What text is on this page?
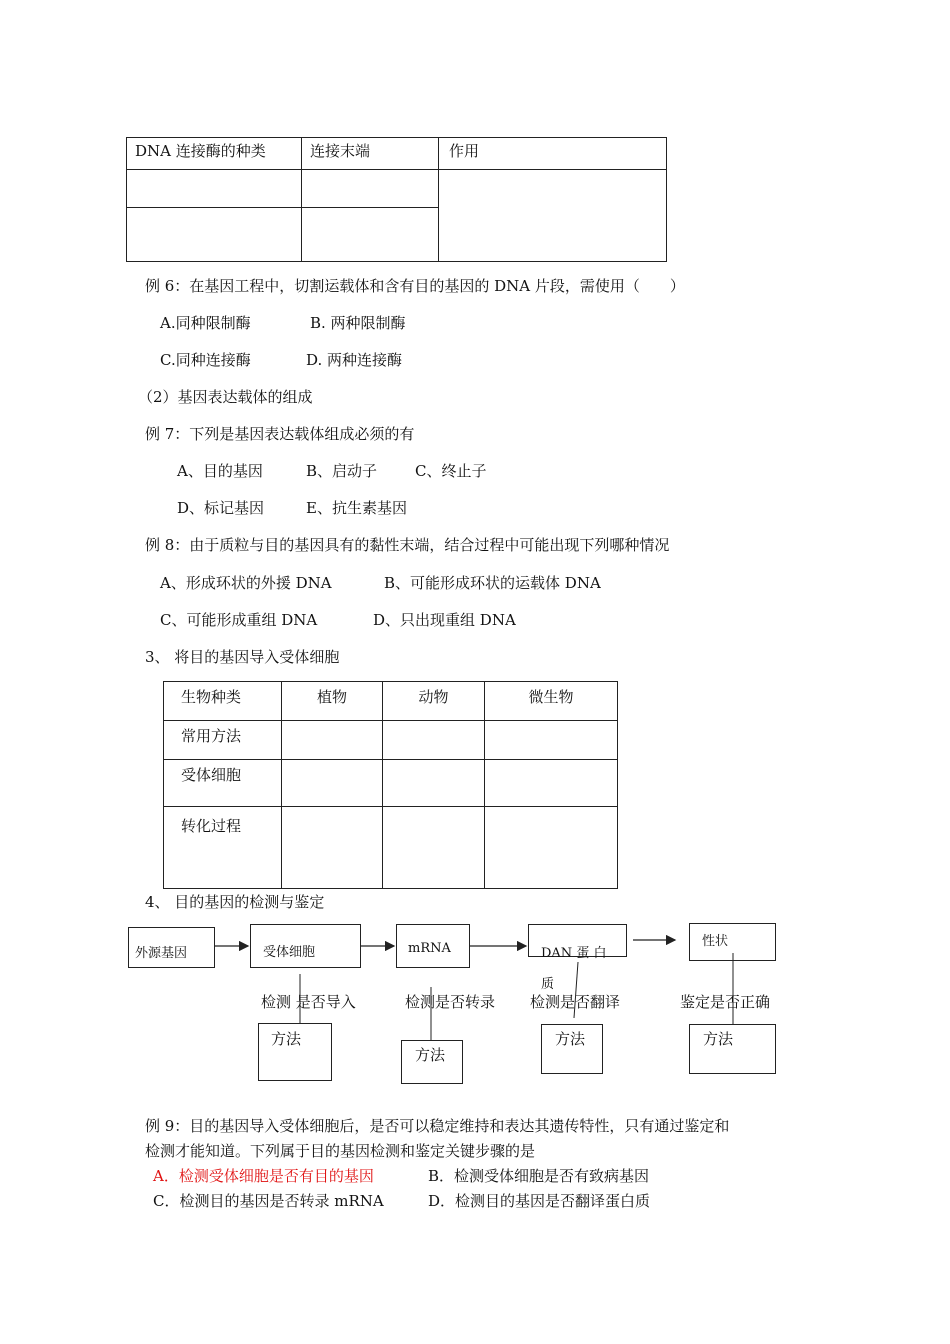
DNA 连接酶的种类	连接末端	作用

例 6：在基因工程中，切割运载体和含有目的基因的 DNA 片段，需使用（　　）
A.同种限制酶	B. 两种限制酶
C.同种连接酶	D. 两种连接酶
（2）基因表达载体的组成
例 7：下列是基因表达载体组成必须的有
A、目的基因	B、启动子	C、终止子
D、标记基因	E、抗生素基因
例 8：由于质粒与目的基因具有的黏性末端，结合过程中可能出现下列哪种情况
A、形成环状的外援 DNA	B、可能形成环状的运载体 DNA
C、可能形成重组 DNA	D、只出现重组 DNA
3、 将目的基因导入受体细胞
生物种类	植物	动物	微生物
常用方法			
受体细胞			
转化过程			
4、 目的基因的检测与鉴定
外源基因	受体细胞	mRNA	DAN 蛋 白
质
性状
检测 是否导入	检测是否转录 检测是否翻译	鉴定是否正确
方法
方法
方法	方法
例 9：目的基因导入受体细胞后，是否可以稳定维持和表达其遗传特性，只有通过鉴定和
检测才能知道。下列属于目的基因检测和鉴定关键步骤的是
A．检测受体细胞是否有目的基因	B．检测受体细胞是否有致病基因
C．检测目的基因是否转录 mRNA	D．检测目的基因是否翻译蛋白质
